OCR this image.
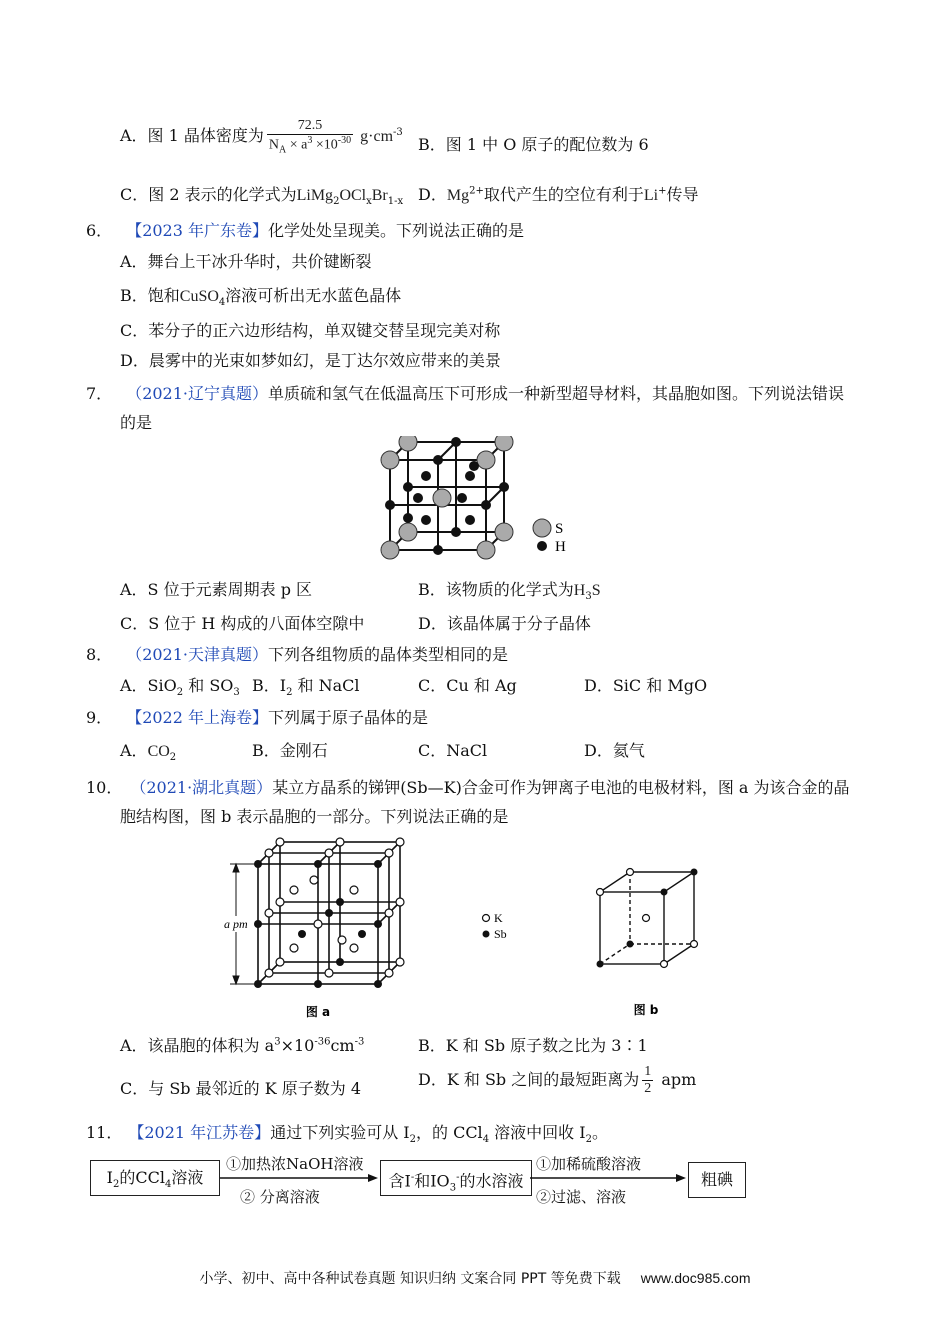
A．图 1 晶体密度为 $\frac{72.5}{N_A \times a^3 \times 10^{-30}} g\cdot cm^{-3}$
B．图 1 中 O 原子的配位数为 6
C．图 2 表示的化学式为$LiMg_2OCl_xBr_{1-x}$ D．$Mg^{2+}$取代产生的空位有利于Li+传导
6． 【2023 年广东卷】化学处处呈现美。下列说法正确的是
A．舞台上干冰升华时，共价键断裂
B．饱和CuSO$_4$溶液可析出无水蓝色晶体
C．苯分子的正六边形结构，单双键交替呈现完美对称
D．晨雾中的光束如梦如幻，是丁达尔效应带来的美景
7． （2021·辽宁真题）单质硫和氢气在低温高压下可形成一种新型超导材料，其晶胞如图。下列说法错误
的是
S
H
A．S 位于元素周期表 p 区	B．该物质的化学式为$H_3S$
C．S 位于 H 构成的八面体空隙中	D．该晶体属于分子晶体
8． （2021·天津真题）下列各组物质的晶体类型相同的是
A．SiO$_2$ 和 $SO_3$ B．$I_2$ 和 NaCl	C．Cu 和 Ag	D．SiC 和 MgO
9． 【2022 年上海卷】下列属于原子晶体的是
A．$CO_2$	B．金刚石	C．NaCl	D．氦气
10． （2021·湖北真题）某立方晶系的锑钾(Sb—K)合金可作为钾离子电池的电极材料，图 a 为该合金的晶
胞结构图，图 b 表示晶胞的一部分。下列说法正确的是
a pm
图 a
K
Sb
图 b
A．该晶胞的体积为 $a^3\times 10^{-36}cm^{-3}$	B．K 和 Sb 原子数之比为 3∶1
C．与 Sb 最邻近的 K 原子数为 4	D．K 和 Sb 之间的最短距离为 $\frac{1}{2}$ apm
11． 【2021 年江苏卷】通过下列实验可从 $I_2$，的 CCl$_4$ 溶液中回收 $I_2$。
$I_2$的CCl$_4$溶液
①加热浓NaOH溶液
② 分离溶液
含I-和$IO_3^-$的水溶液
①加稀硫酸溶液
②过滤、溶液
粗碘
小学、初中、高中各种试卷真题 知识归纳 文案合同 PPT 等免费下载 www.doc985.com
